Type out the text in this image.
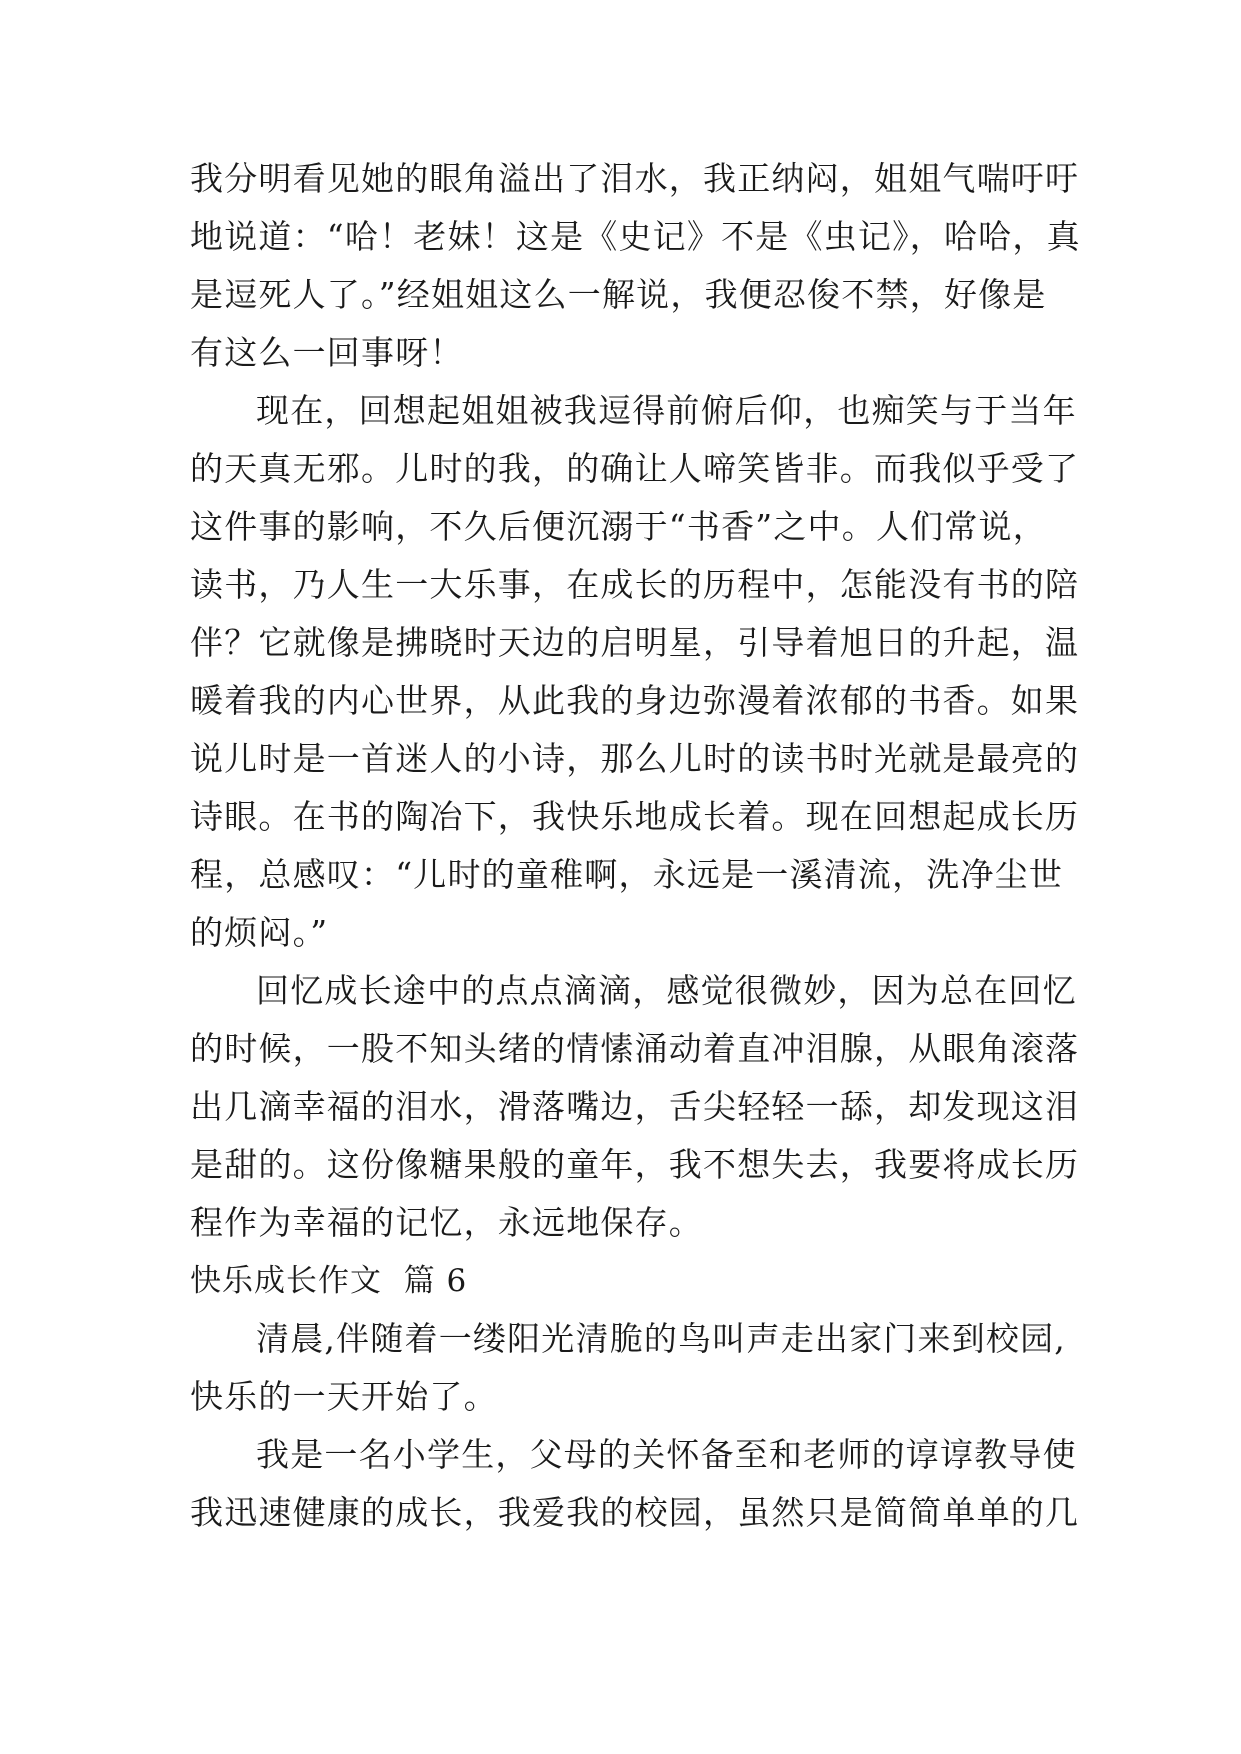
我分明看见她的眼角溢出了泪水，我正纳闷，姐姐气喘吁吁
地说道：“哈！老妹！这是《史记》不是《虫记》，哈哈，真
是逗死人了。”经姐姐这么一解说，我便忍俊不禁，好像是
有这么一回事呀！
现在，回想起姐姐被我逗得前俯后仰，也痴笑与于当年
的天真无邪。儿时的我，的确让人啼笑皆非。而我似乎受了
这件事的影响，不久后便沉溺于“书香”之中。人们常说，
读书，乃人生一大乐事，在成长的历程中，怎能没有书的陪
伴？它就像是拂晓时天边的启明星，引导着旭日的升起，温
暖着我的内心世界，从此我的身边弥漫着浓郁的书香。如果
说儿时是一首迷人的小诗，那么儿时的读书时光就是最亮的
诗眼。在书的陶冶下，我快乐地成长着。现在回想起成长历
程，总感叹：“儿时的童稚啊，永远是一溪清流，洗净尘世
的烦闷。”
回忆成长途中的点点滴滴，感觉很微妙，因为总在回忆
的时候，一股不知头绪的情愫涌动着直冲泪腺，从眼角滚落
出几滴幸福的泪水，滑落嘴边，舌尖轻轻一舔，却发现这泪
是甜的。这份像糖果般的童年，我不想失去，我要将成长历
程作为幸福的记忆，永远地保存。
快乐成长作文  篇 6
清晨,伴随着一缕阳光清脆的鸟叫声走出家门来到校园,
快乐的一天开始了。
我是一名小学生，父母的关怀备至和老师的谆谆教导使
我迅速健康的成长，我爱我的校园，虽然只是简简单单的几
